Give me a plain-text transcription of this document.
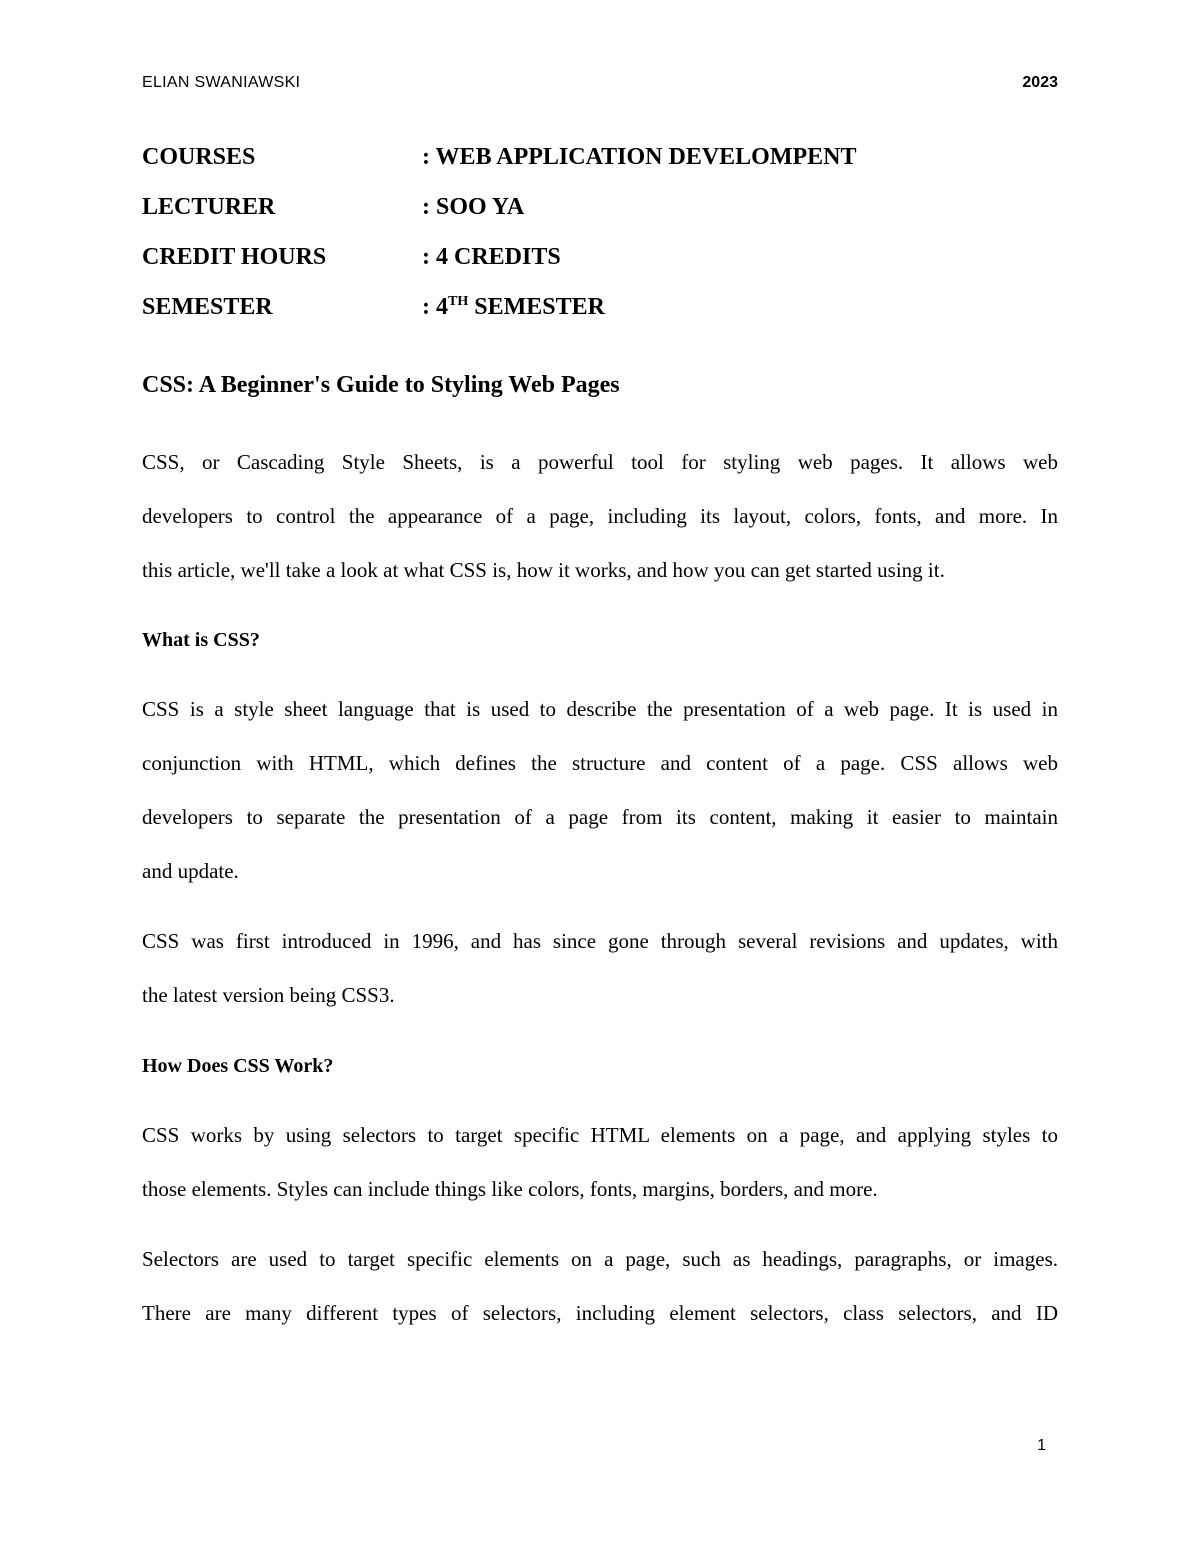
ELIAN SWANIAWSKI	2023
COURSES	: WEB APPLICATION DEVELOMPENT
LECTURER	: SOO YA
CREDIT HOURS	: 4 CREDITS
SEMESTER	: 4TH SEMESTER
CSS: A Beginner's Guide to Styling Web Pages
CSS, or Cascading Style Sheets, is a powerful tool for styling web pages. It allows web
developers to control the appearance of a page, including its layout, colors, fonts, and more. In
this article, we'll take a look at what CSS is, how it works, and how you can get started using it.
What is CSS?
CSS is a style sheet language that is used to describe the presentation of a web page. It is used in
conjunction with HTML, which defines the structure and content of a page. CSS allows web
developers to separate the presentation of a page from its content, making it easier to maintain
and update.
CSS was first introduced in 1996, and has since gone through several revisions and updates, with
the latest version being CSS3.
How Does CSS Work?
CSS works by using selectors to target specific HTML elements on a page, and applying styles to
those elements. Styles can include things like colors, fonts, margins, borders, and more.
Selectors are used to target specific elements on a page, such as headings, paragraphs, or images.
There are many different types of selectors, including element selectors, class selectors, and ID
1
